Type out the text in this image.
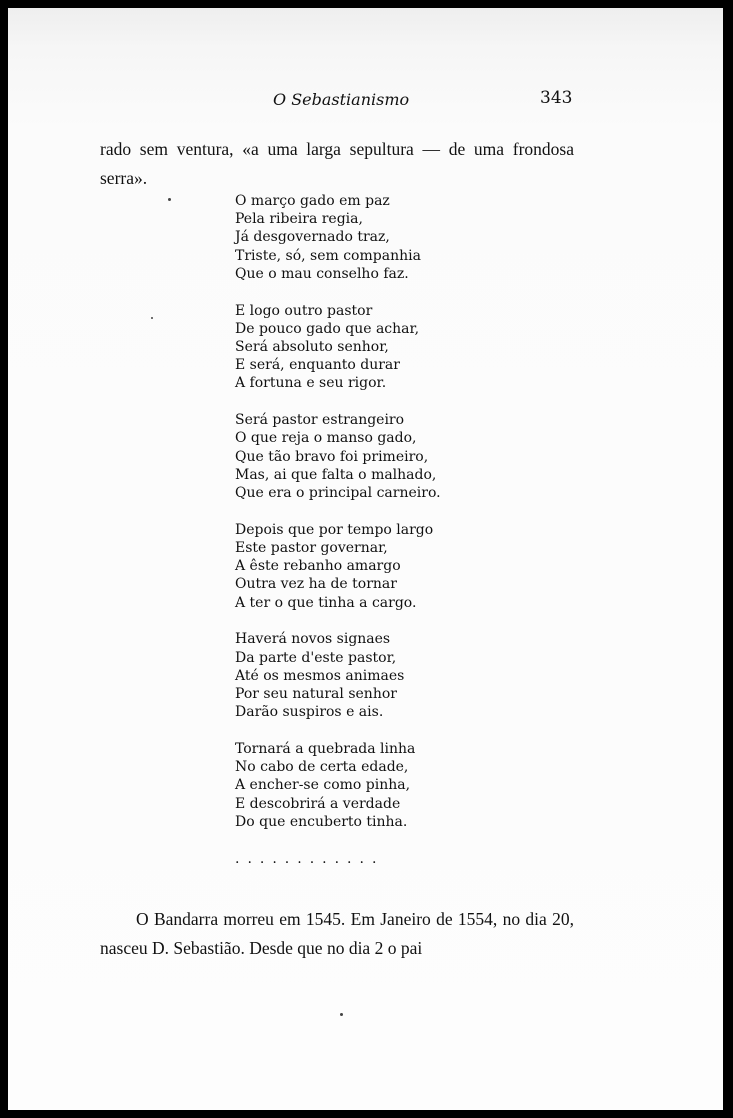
O Sebastianismo	343

rado sem ventura, «a uma larga sepultura — de uma frondosa serra».

O março gado em paz
Pela ribeira regia,
Já desgovernado traz,
Triste, só, sem companhia
Que o mau conselho faz.
E logo outro pastor
De pouco gado que achar,
Será absoluto senhor,
E será, enquanto durar
A fortuna e seu rigor.
Será pastor estrangeiro
O que reja o manso gado,
Que tão bravo foi primeiro,
Mas, ai que falta o malhado,
Que era o principal carneiro.
Depois que por tempo largo
Este pastor governar,
A êste rebanho amargo
Outra vez ha de tornar
A ter o que tinha a cargo.
Haverá novos signaes
Da parte d'este pastor,
Até os mesmos animaes
Por seu natural senhor
Darão suspiros e ais.
Tornará a quebrada linha
No cabo de certa edade,
A encher-se como pinha,
E descobrirá a verdade
Do que encuberto tinha.
............

O Bandarra morreu em 1545. Em Janeiro de 1554, no dia 20, nasceu D. Sebastião. Desde que no dia 2 o pai
